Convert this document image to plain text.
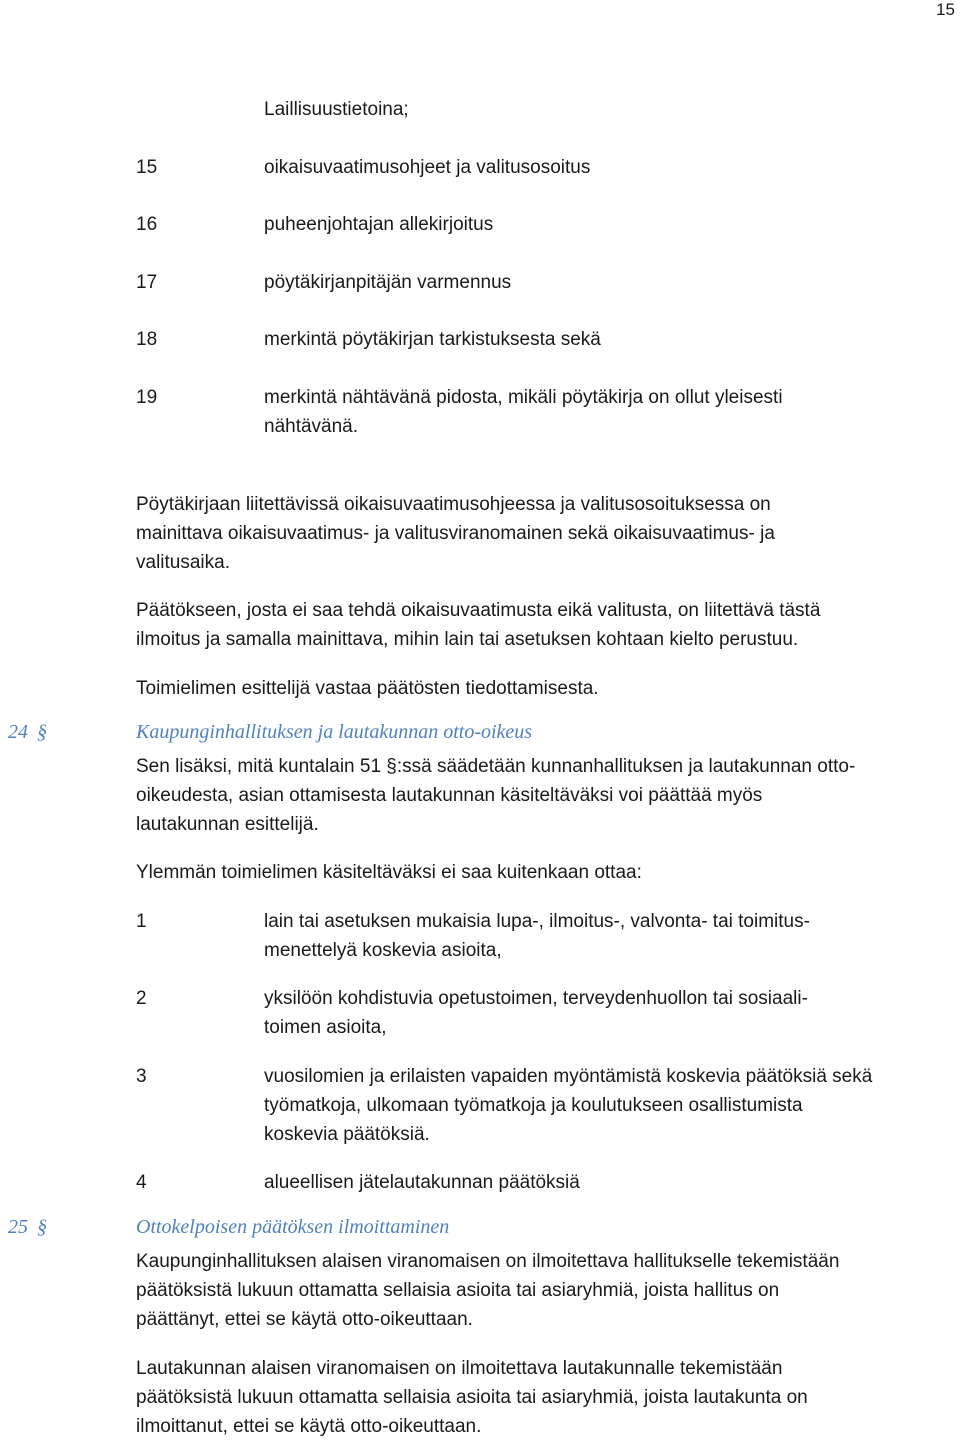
15
Laillisuustietoina;
15	oikaisuvaatimusohjeet ja valitusosoitus
16	puheenjohtajan allekirjoitus
17	pöytäkirjanpitäjän varmennus
18	merkintä pöytäkirjan tarkistuksesta sekä
19	merkintä nähtävänä pidosta, mikäli pöytäkirja on ollut yleisesti
nähtävänä.
Pöytäkirjaan liitettävissä oikaisuvaatimusohjeessa ja valitusosoituksessa on
mainittava oikaisuvaatimus- ja valitusviranomainen sekä oikaisuvaatimus- ja
valitusaika.
Päätökseen, josta ei saa tehdä oikaisuvaatimusta eikä valitusta, on liitettävä tästä
ilmoitus ja samalla mainittava, mihin lain tai asetuksen kohtaan kielto perustuu.
Toimielimen esittelijä vastaa päätösten tiedottamisesta.
24 §	Kaupunginhallituksen ja lautakunnan otto-oikeus
Sen lisäksi, mitä kuntalain 51 §:ssä säädetään kunnanhallituksen ja lautakunnan otto-
oikeudesta, asian ottamisesta lautakunnan käsiteltäväksi voi päättää myös
lautakunnan esittelijä.
Ylemmän toimielimen käsiteltäväksi ei saa kuitenkaan ottaa:
1	lain tai asetuksen mukaisia lupa-, ilmoitus-, valvonta- tai toimitus-
menettelyä koskevia asioita,
2	yksilöön kohdistuvia opetustoimen, terveydenhuollon tai sosiaali-
toimen asioita,
3	vuosilomien ja erilaisten vapaiden myöntämistä koskevia päätöksiä sekä
työmatkoja, ulkomaan työmatkoja ja koulutukseen osallistumista
koskevia päätöksiä.
4	alueellisen jätelautakunnan päätöksiä
25 §	Ottokelpoisen päätöksen ilmoittaminen
Kaupunginhallituksen alaisen viranomaisen on ilmoitettava hallitukselle tekemistään
päätöksistä lukuun ottamatta sellaisia asioita tai asiaryhmiä, joista hallitus on
päättänyt, ettei se käytä otto-oikeuttaan.
Lautakunnan alaisen viranomaisen on ilmoitettava lautakunnalle tekemistään
päätöksistä lukuun ottamatta sellaisia asioita tai asiaryhmiä, joista lautakunta on
ilmoittanut, ettei se käytä otto-oikeuttaan.
